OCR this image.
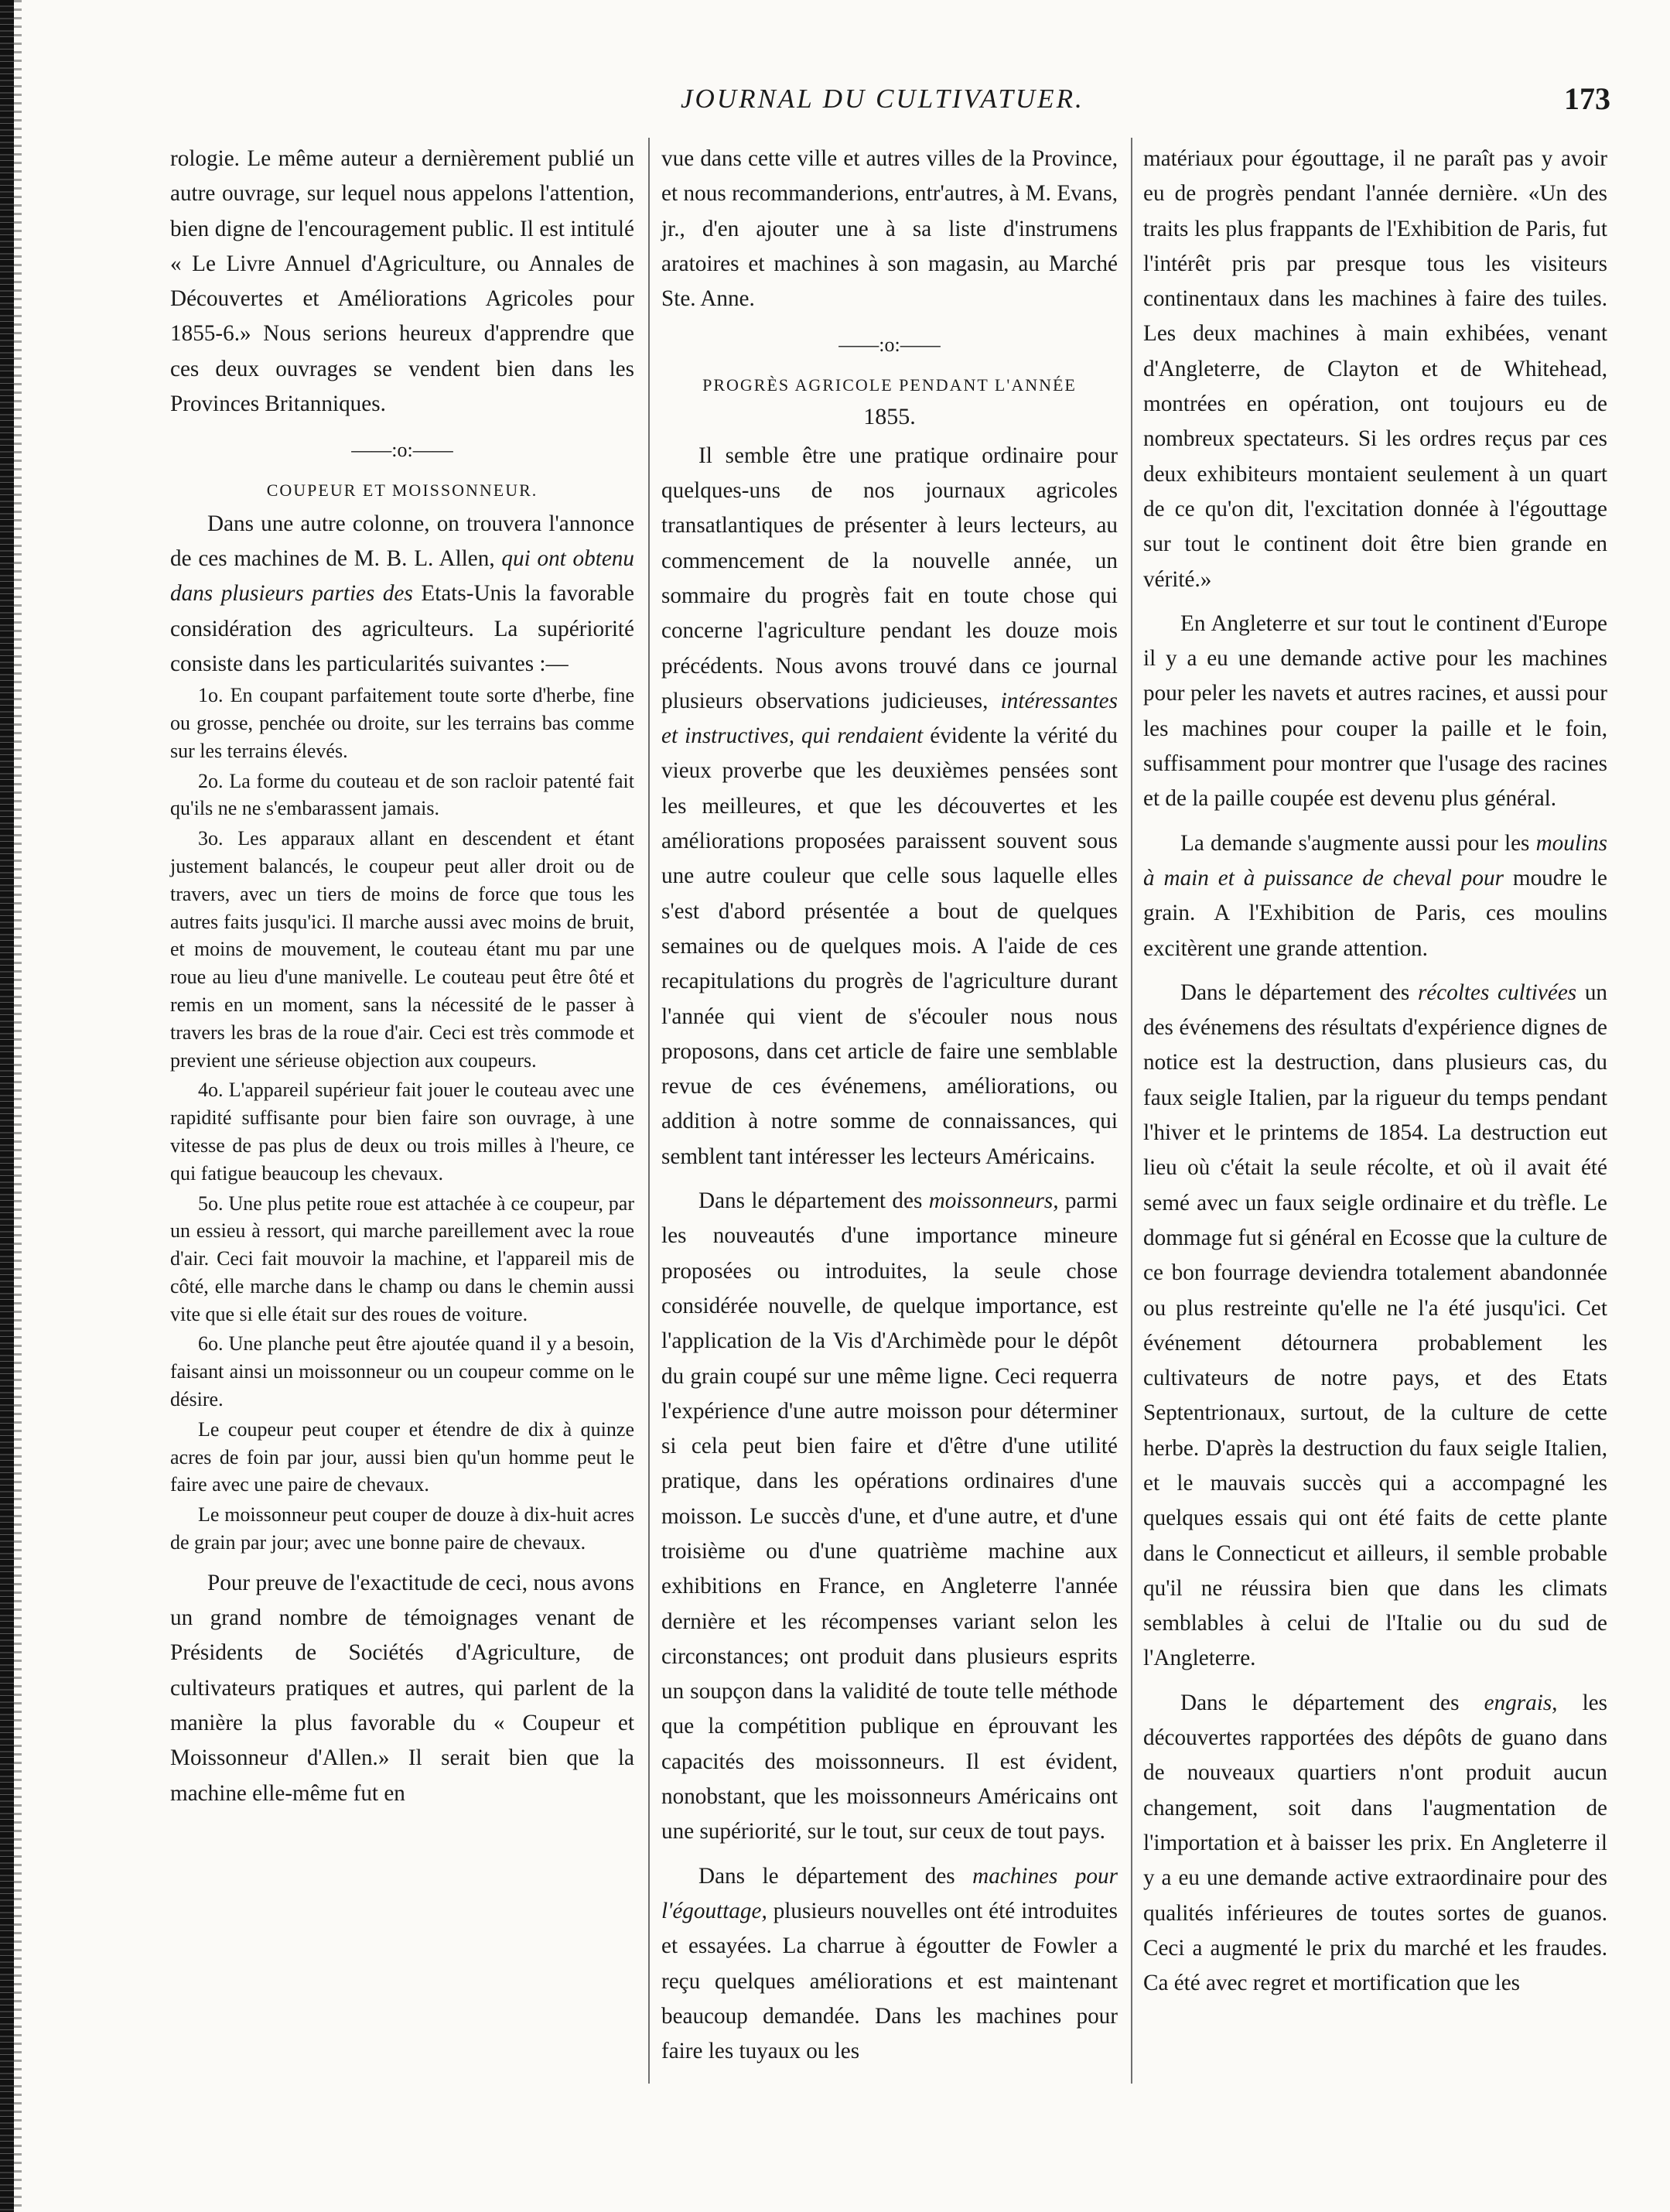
JOURNAL DU CULTIVATUER.	173

rologie. Le même auteur a dernièrement publié un autre ouvrage, sur lequel nous appelons l'attention, bien digne de l'encouragement public. Il est intitulé « Le Livre Annuel d'Agriculture, ou Annales de Découvertes et Améliorations Agricoles pour 1855-6.» Nous serions heureux d'apprendre que ces deux ouvrages se vendent bien dans les Provinces Britanniques.

——:o:——
COUPEUR ET MOISSONNEUR.

Dans une autre colonne, on trouvera l'annonce de ces machines de M. B. L. Allen, qui ont obtenu dans plusieurs parties des Etats-Unis la favorable considération des agriculteurs. La supériorité consiste dans les particularités suivantes :—

1o. En coupant parfaitement toute sorte d'herbe, fine ou grosse, penchée ou droite, sur les terrains bas comme sur les terrains élevés.

2o. La forme du couteau et de son racloir patenté fait qu'ils ne ne s'embarassent jamais.

3o. Les apparaux allant en descendent et étant justement balancés, le coupeur peut aller droit ou de travers, avec un tiers de moins de force que tous les autres faits jusqu'ici. Il marche aussi avec moins de bruit, et moins de mouvement, le couteau étant mu par une roue au lieu d'une manivelle. Le couteau peut être ôté et remis en un moment, sans la nécessité de le passer à travers les bras de la roue d'air. Ceci est très commode et previent une sérieuse objection aux coupeurs.

4o. L'appareil supérieur fait jouer le couteau avec une rapidité suffisante pour bien faire son ouvrage, à une vitesse de pas plus de deux ou trois milles à l'heure, ce qui fatigue beaucoup les chevaux.

5o. Une plus petite roue est attachée à ce coupeur, par un essieu à ressort, qui marche pareillement avec la roue d'air. Ceci fait mouvoir la machine, et l'appareil mis de côté, elle marche dans le champ ou dans le chemin aussi vite que si elle était sur des roues de voiture.

6o. Une planche peut être ajoutée quand il y a besoin, faisant ainsi un moissonneur ou un coupeur comme on le désire.

Le coupeur peut couper et étendre de dix à quinze acres de foin par jour, aussi bien qu'un homme peut le faire avec une paire de chevaux.

Le moissonneur peut couper de douze à dix-huit acres de grain par jour; avec une bonne paire de chevaux.

Pour preuve de l'exactitude de ceci, nous avons un grand nombre de témoignages venant de Présidents de Sociétés d'Agriculture, de cultivateurs pratiques et autres, qui parlent de la manière la plus favorable du « Coupeur et Moissonneur d'Allen.» Il serait bien que la machine elle-même fut en

vue dans cette ville et autres villes de la Province, et nous recommanderions, entr'autres, à M. Evans, jr., d'en ajouter une à sa liste d'instrumens aratoires et machines à son magasin, au Marché Ste. Anne.

——:o:——
PROGRÈS AGRICOLE PENDANT L'ANNÉE
1855.

Il semble être une pratique ordinaire pour quelques-uns de nos journaux agricoles transatlantiques de présenter à leurs lecteurs, au commencement de la nouvelle année, un sommaire du progrès fait en toute chose qui concerne l'agriculture pendant les douze mois précédents. Nous avons trouvé dans ce journal plusieurs observations judicieuses, intéressantes et instructives, qui rendaient évidente la vérité du vieux proverbe que les deuxièmes pensées sont les meilleures, et que les découvertes et les améliorations proposées paraissent souvent sous une autre couleur que celle sous laquelle elles s'est d'abord présentée a bout de quelques semaines ou de quelques mois. A l'aide de ces recapitulations du progrès de l'agriculture durant l'année qui vient de s'écouler nous nous proposons, dans cet article de faire une semblable revue de ces événemens, améliorations, ou addition à notre somme de connaissances, qui semblent tant intéresser les lecteurs Américains.

Dans le département des moissonneurs, parmi les nouveautés d'une importance mineure proposées ou introduites, la seule chose considérée nouvelle, de quelque importance, est l'application de la Vis d'Archimède pour le dépôt du grain coupé sur une même ligne. Ceci requerra l'expérience d'une autre moisson pour déterminer si cela peut bien faire et d'être d'une utilité pratique, dans les opérations ordinaires d'une moisson. Le succès d'une, et d'une autre, et d'une troisième ou d'une quatrième machine aux exhibitions en France, en Angleterre l'année dernière et les récompenses variant selon les circonstances; ont produit dans plusieurs esprits un soupçon dans la validité de toute telle méthode que la compétition publique en éprouvant les capacités des moissonneurs. Il est évident, nonobstant, que les moissonneurs Américains ont une supériorité, sur le tout, sur ceux de tout pays.

Dans le département des machines pour l'égouttage, plusieurs nouvelles ont été introduites et essayées. La charrue à égoutter de Fowler a reçu quelques améliorations et est maintenant beaucoup demandée. Dans les machines pour faire les tuyaux ou les

matériaux pour égouttage, il ne paraît pas y avoir eu de progrès pendant l'année dernière. «Un des traits les plus frappants de l'Exhibition de Paris, fut l'intérêt pris par presque tous les visiteurs continentaux dans les machines à faire des tuiles. Les deux machines à main exhibées, venant d'Angleterre, de Clayton et de Whitehead, montrées en opération, ont toujours eu de nombreux spectateurs. Si les ordres reçus par ces deux exhibiteurs montaient seulement à un quart de ce qu'on dit, l'excitation donnée à l'égouttage sur tout le continent doit être bien grande en vérité.»

En Angleterre et sur tout le continent d'Europe il y a eu une demande active pour les machines pour peler les navets et autres racines, et aussi pour les machines pour couper la paille et le foin, suffisamment pour montrer que l'usage des racines et de la paille coupée est devenu plus général.

La demande s'augmente aussi pour les moulins à main et à puissance de cheval pour moudre le grain. A l'Exhibition de Paris, ces moulins excitèrent une grande attention.

Dans le département des récoltes cultivées un des événemens des résultats d'expérience dignes de notice est la destruction, dans plusieurs cas, du faux seigle Italien, par la rigueur du temps pendant l'hiver et le printems de 1854. La destruction eut lieu où c'était la seule récolte, et où il avait été semé avec un faux seigle ordinaire et du trèfle. Le dommage fut si général en Ecosse que la culture de ce bon fourrage deviendra totalement abandonnée ou plus restreinte qu'elle ne l'a été jusqu'ici. Cet événement détournera probablement les cultivateurs de notre pays, et des Etats Septentrionaux, surtout, de la culture de cette herbe. D'après la destruction du faux seigle Italien, et le mauvais succès qui a accompagné les quelques essais qui ont été faits de cette plante dans le Connecticut et ailleurs, il semble probable qu'il ne réussira bien que dans les climats semblables à celui de l'Italie ou du sud de l'Angleterre.

Dans le département des engrais, les découvertes rapportées des dépôts de guano dans de nouveaux quartiers n'ont produit aucun changement, soit dans l'augmentation de l'importation et à baisser les prix. En Angleterre il y a eu une demande active extraordinaire pour des qualités inférieures de toutes sortes de guanos. Ceci a augmenté le prix du marché et les fraudes. Ca été avec regret et mortification que les
